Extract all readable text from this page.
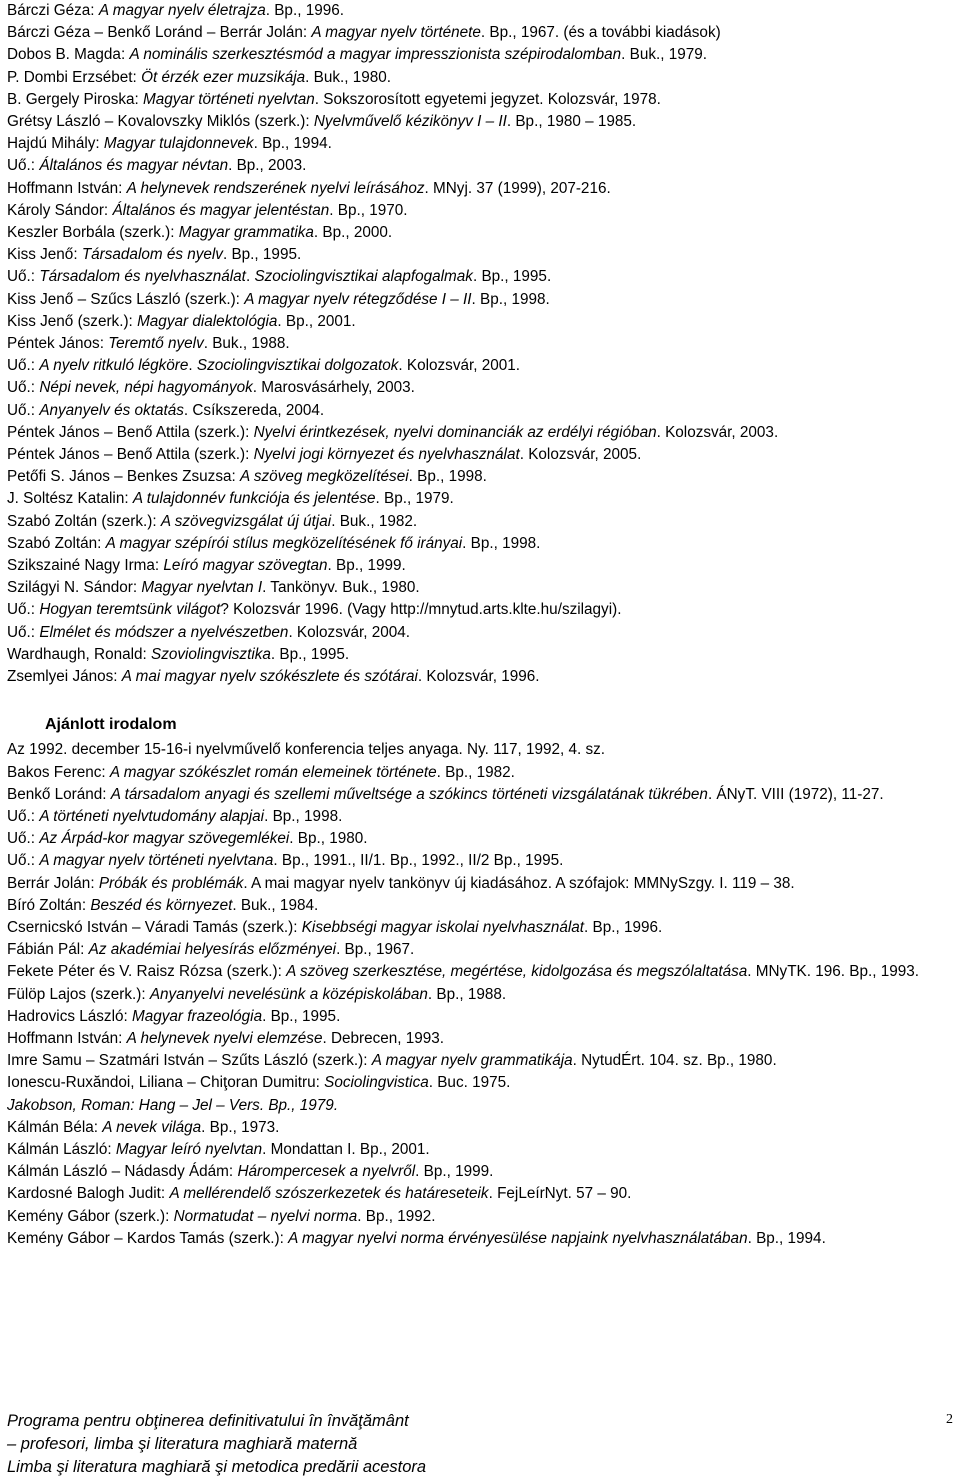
Bárczi Géza: A magyar nyelv életrajza. Bp., 1996.

Bárczi Géza – Benkő Loránd – Berrár Jolán: A magyar nyelv története. Bp., 1967. (és a további kiadások)

Dobos B. Magda: A nominális szerkesztésmód a magyar impresszionista szépirodalomban. Buk., 1979.

P. Dombi Erzsébet: Öt érzék ezer muzsikája. Buk., 1980.

B. Gergely Piroska: Magyar történeti nyelvtan. Sokszorosított egyetemi jegyzet. Kolozsvár, 1978.

Grétsy László – Kovalovszky Miklós (szerk.): Nyelvművelő kézikönyv I – II. Bp., 1980 – 1985.

Hajdú Mihály: Magyar tulajdonnevek. Bp., 1994.

Uő.: Általános és magyar névtan. Bp., 2003.

Hoffmann István: A helynevek rendszerének nyelvi leírásához. MNyj. 37 (1999), 207-216.

Károly Sándor: Általános és magyar jelentéstan. Bp., 1970.

Keszler Borbála (szerk.): Magyar grammatika. Bp., 2000.

Kiss Jenő: Társadalom és nyelv. Bp., 1995.

Uő.: Társadalom és nyelvhasználat. Szociolingvisztikai alapfogalmak. Bp., 1995.

Kiss Jenő – Szűcs László (szerk.): A magyar nyelv rétegződése I – II. Bp., 1998.

Kiss Jenő (szerk.): Magyar dialektológia. Bp., 2001.

Péntek János: Teremtő nyelv. Buk., 1988.

Uő.: A nyelv ritkuló légköre. Szociolingvisztikai dolgozatok. Kolozsvár, 2001.

Uő.: Népi nevek, népi hagyományok. Marosvásárhely, 2003.

Uő.: Anyanyelv és oktatás. Csíkszereda, 2004.

Péntek János – Benő Attila (szerk.): Nyelvi érintkezések, nyelvi dominanciák az erdélyi régióban. Kolozsvár, 2003.

Péntek János – Benő Attila (szerk.): Nyelvi jogi környezet és nyelvhasználat. Kolozsvár, 2005.

Petőfi S. János – Benkes Zsuzsa: A szöveg megközelítései. Bp., 1998.

J. Soltész Katalin: A tulajdonnév funkciója és jelentése. Bp., 1979.

Szabó Zoltán (szerk.): A szövegvizsgálat új útjai. Buk., 1982.

Szabó Zoltán: A magyar szépírói stílus megközelítésének fő irányai. Bp., 1998.

Szikszainé Nagy Irma: Leíró magyar szövegtan. Bp., 1999.

Szilágyi N. Sándor: Magyar nyelvtan I. Tankönyv. Buk., 1980.

Uő.: Hogyan teremtsünk világot? Kolozsvár 1996. (Vagy http://mnytud.arts.klte.hu/szilagyi).

Uő.: Elmélet és módszer a nyelvészetben. Kolozsvár, 2004.

Wardhaugh, Ronald: Szoviolingvisztika. Bp., 1995.

Zsemlyei János: A mai magyar nyelv szókészlete és szótárai. Kolozsvár, 1996.

Ajánlott irodalom

Az 1992. december 15-16-i nyelvművelő konferencia teljes anyaga. Ny. 117, 1992, 4. sz.

Bakos Ferenc: A magyar szókészlet román elemeinek története. Bp., 1982.

Benkő Loránd: A társadalom anyagi és szellemi műveltsége a szókincs történeti vizsgálatának tükrében. ÁNyT. VIII (1972), 11-27.

Uő.: A történeti nyelvtudomány alapjai. Bp., 1998.

Uő.: Az Árpád-kor magyar szövegemlékei. Bp., 1980.

Uő.: A magyar nyelv történeti nyelvtana. Bp., 1991., II/1. Bp., 1992., II/2 Bp., 1995.

Berrár Jolán: Próbák és problémák. A mai magyar nyelv tankönyv új kiadásához. A szófajok: MMNySzgy. I. 119 – 38.

Bíró Zoltán: Beszéd és környezet. Buk., 1984.

Csernicskó István – Váradi Tamás (szerk.): Kisebbségi magyar iskolai nyelvhasználat. Bp., 1996.

Fábián Pál: Az akadémiai helyesírás előzményei. Bp., 1967.

Fekete Péter és V. Raisz Rózsa (szerk.): A szöveg szerkesztése, megértése, kidolgozása és megszólaltatása. MNyTK. 196. Bp., 1993.

Fülöp Lajos (szerk.): Anyanyelvi nevelésünk a középiskolában. Bp., 1988.

Hadrovics László: Magyar frazeológia. Bp., 1995.

Hoffmann István: A helynevek nyelvi elemzése. Debrecen, 1993.

Imre Samu – Szatmári István – Szűts László (szerk.): A magyar nyelv grammatikája. NytudÉrt. 104. sz. Bp., 1980.

Ionescu-Ruxăndoi, Liliana – Chiţoran Dumitru: Sociolingvistica. Buc. 1975.

Jakobson, Roman: Hang – Jel – Vers. Bp., 1979.

Kálmán Béla: A nevek világa. Bp., 1973.

Kálmán László: Magyar leíró nyelvtan. Mondattan I. Bp., 2001.

Kálmán László – Nádasdy Ádám: Hárompercesek a nyelvről. Bp., 1999.

Kardosné Balogh Judit: A mellérendelő szószerkezetek és határeseteik. FejLeírNyt. 57 – 90.

Kemény Gábor (szerk.): Normatudat – nyelvi norma. Bp., 1992.

Kemény Gábor – Kardos Tamás (szerk.): A magyar nyelvi norma érvényesülése napjaink nyelvhasználatában. Bp., 1994.

Programa pentru obţinerea definitivatului în învăţământ

– profesori, limba şi literatura maghiară maternă

Limba şi literatura maghiară şi metodica predării acestora

2
